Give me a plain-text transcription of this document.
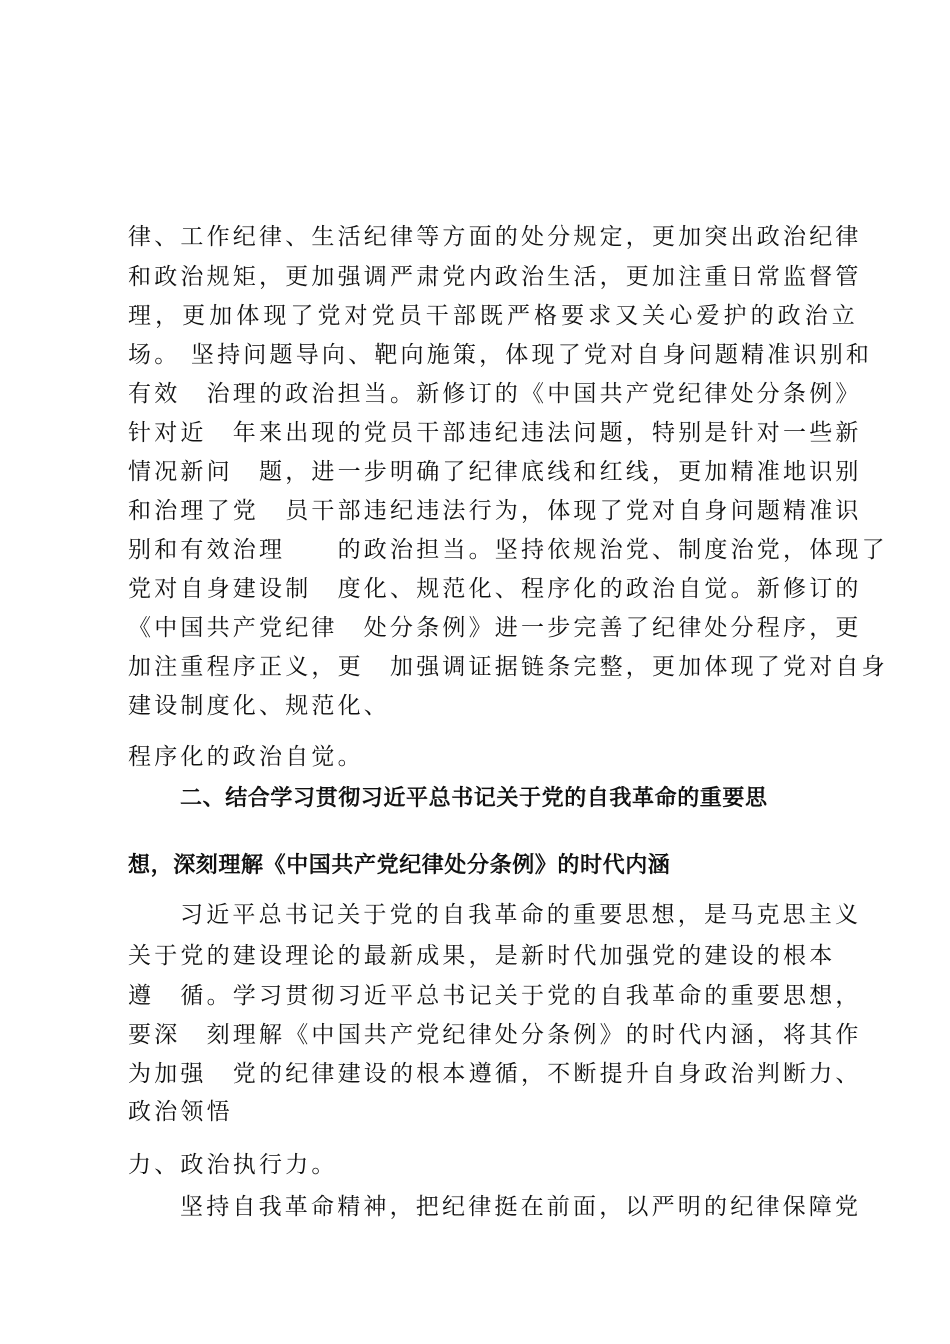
律、工作纪律、生活纪律等方面的处分规定，更加突出政治纪律
和政治规矩，更加强调严肃党内政治生活，更加注重日常监督管
理，更加体现了党对党员干部既严格要求又关心爱护的政治立
场。 坚持问题导向、靶向施策，体现了党对自身问题精准识别和
有效　治理的政治担当。新修订的《中国共产党纪律处分条例》
针对近　年来出现的党员干部违纪违法问题，特别是针对一些新
情况新问　题，进一步明确了纪律底线和红线，更加精准地识别
和治理了党　员干部违纪违法行为，体现了党对自身问题精准识
别和有效治理　　的政治担当。坚持依规治党、制度治党，体现了
党对自身建设制　度化、规范化、程序化的政治自觉。新修订的
《中国共产党纪律　处分条例》进一步完善了纪律处分程序，更
加注重程序正义，更　加强调证据链条完整，更加体现了党对自身
建设制度化、规范化、
程序化的政治自觉。
二、结合学习贯彻习近平总书记关于党的自我革命的重要思
想，深刻理解《中国共产党纪律处分条例》的时代内涵
习近平总书记关于党的自我革命的重要思想，是马克思主义
关于党的建设理论的最新成果，是新时代加强党的建设的根本
遵　循。学习贯彻习近平总书记关于党的自我革命的重要思想，
要深　刻理解《中国共产党纪律处分条例》的时代内涵，将其作
为加强　党的纪律建设的根本遵循，不断提升自身政治判断力、
政治领悟
力、政治执行力。
坚持自我革命精神，把纪律挺在前面，以严明的纪律保障党
